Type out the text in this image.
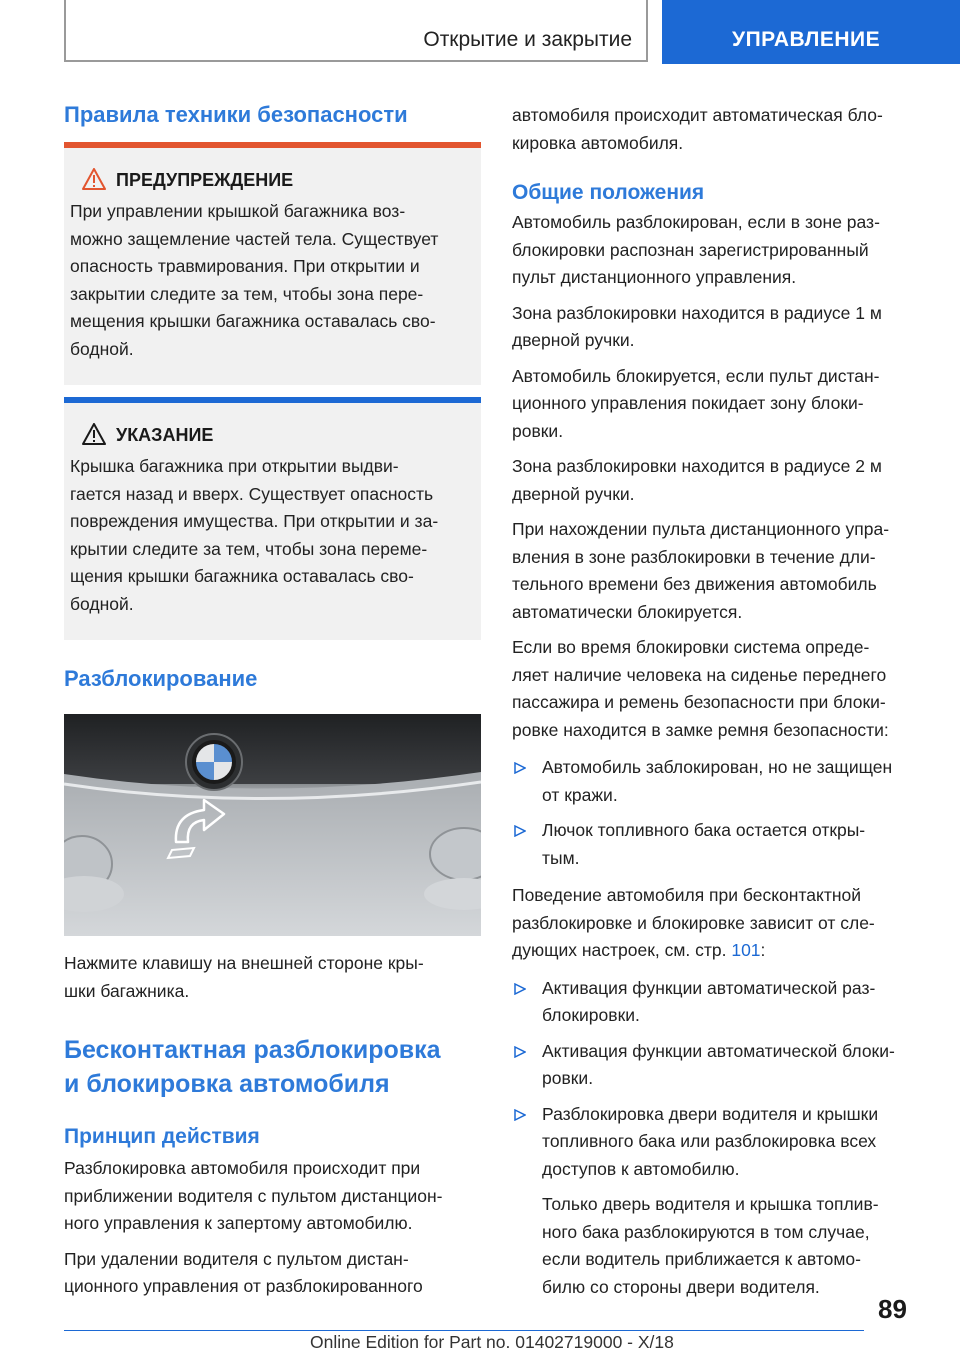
Открытие и закрытие	УПРАВЛЕНИЕ
Правила техники безопасности
ПРЕДУПРЕЖДЕНИЕ

При управлении крышкой багажника воз-
можно защемление частей тела. Существует
опасность травмирования. При открытии и
закрытии следите за тем, чтобы зона пере-
мещения крышки багажника оставалась сво-
бодной.

УКАЗАНИЕ

Крышка багажника при открытии выдви-
гается назад и вверх. Существует опасность
повреждения имущества. При открытии и за-
крытии следите за тем, чтобы зона переме-
щения крышки багажника оставалась сво-
бодной.

Разблокирование

Нажмите клавишу на внешней стороне кры-
шки багажника.

Бесконтактная разблокировка
и блокировка автомобиля
Принцип действия

Разблокировка автомобиля происходит при
приближении водителя с пультом дистанцион-
ного управления к запертому автомобилю.

При удалении водителя с пультом дистан-
ционного управления от разблокированного

автомобиля происходит автоматическая бло-
кировка автомобиля.

Общие положения

Автомобиль разблокирован, если в зоне раз-
блокировки распознан зарегистрированный
пульт дистанционного управления.

Зона разблокировки находится в радиусе 1 м
дверной ручки.

Автомобиль блокируется, если пульт дистан-
ционного управления покидает зону блоки-
ровки.

Зона разблокировки находится в радиусе 2 м
дверной ручки.

При нахождении пульта дистанционного упра-
вления в зоне разблокировки в течение дли-
тельного времени без движения автомобиль
автоматически блокируется.

Если во время блокировки система опреде-
ляет наличие человека на сиденье переднего
пассажира и ремень безопасности при блоки-
ровке находится в замке ремня безопасности:

Автомобиль заблокирован, но не защищен
от кражи.
Лючок топливного бака остается откры-
тым.

Поведение автомобиля при бесконтактной
разблокировке и блокировке зависит от сле-
дующих настроек, см. стр. 101:

Активация функции автоматической раз-
блокировки.
Активация функции автоматической блоки-
ровки.
Разблокировка двери водителя и крышки
топливного бака или разблокировка всех
доступов к автомобилю.
Только дверь водителя и крышка топлив-
ного бака разблокируются в том случае,
если водитель приближается к автомо-
билю со стороны двери водителя.
89
Online Edition for Part no. 01402719000 - X/18
